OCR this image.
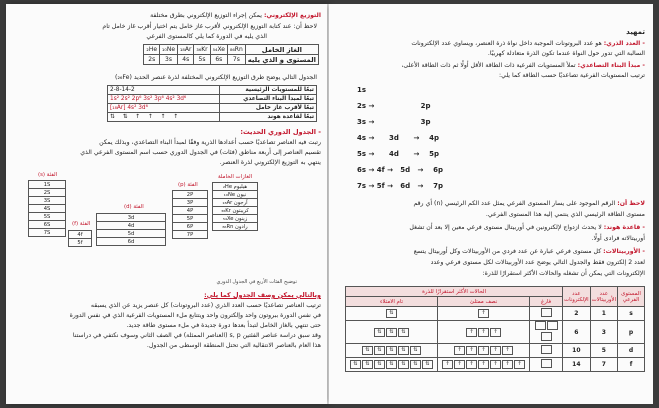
التوزيع الإلكتروني: يمكن إجراء التوزيع الإلكتروني بطرق مختلفة
لاحظ أن: عند كتابة التوزيع الإلكتروني لأقرب غاز خامل يتم اختيار أقرب غاز خامل تام
الذي يليه في الدورة كما يلي كالمستوى الفرعي
الغاز الخامل	₈₆Rn	₅₄Xe	₃₆Kr	₁₈Ar	₁₀Ne	₂He
المستوى و الذي يليه	7s	6s	5s	4s	3s	2s
الجدول التالي يوضح طرق التوزيع الإلكتروني المختلفة لذرة عنصر الحديد (₂₆Fe)
تبعًا للمستويات الرئيسية	2-8-14-2
تبعًا لمبدأ البناء التصاعدي	1s² 2s² 2p⁶ 3s² 3p⁶ 4s² 3d⁶
تبعًا لأقرب غاز خامل	[₁₈Ar] 4s² 3d⁶
تبعًا لقاعدة هوند	⇅ ⇅ ↑ ↑ ↑ ↑
- الجدول الدوري الحديث:
رتبت فيه العناصر تصاعديًا حسب أعدادها الذرية وفقًا لمبدأ البناء التصاعدي، وبذلك يمكن
تقسيم العناصر إلى أربعة مناطق (فئات) في الجدول الدوري حسب اسم المستوى الفرعي الذي
ينتهي به التوزيع الإلكتروني لذرة العنصر.
الفئة (s)
1S
2S
3S
4S
5S
6S
7S
الفئة (d)
3d
4d
5d
6d
الفئة (f)
4f
5f
الفئة (p)
2P
3P
4P
5P
6P
7P
الغازات الخاملة
هيليوم ₂He
نيون ₁₀Ne
آرجون ₁₈Ar
كريبتون ₃₆Kr
زينون ₅₄Xe
رادون ₈₆Rn
توضيح الفئات الأربع في الجدول الدوري
وبالتالي يمكن وصف الجدول كما يلي:
ترتيب العناصر تصاعديًا حسب العدد الذري (عدد البروتونات) كل عنصر يزيد عن الذي يسبقه
في نفس الدورة ببروتون واحد وإلكترون واحد ويتتابع ملء المستويات الفرعية الذي في نفس الدورة
حتى تنتهي بالغاز الخامل لتبدأ بعدها دورة جديدة في ملء مستوى طاقة جديد.
وقد سبق دراسة عناصر الفئتين s, p (العناصر الممثلة) في الصف الثاني وسوف نكتفي في دراستنا
هذا العام بالعناصر الانتقالية التي تحتل المنطقة الوسطى من الجدول.
تمهيد
- العدد الذري: هو عدد البروتونات الموجبة داخل نواة ذرة العنصر، ويساوي عدد الإلكترونات
السالبة التي تدور حول النواة عندما تكون الذرة متعادلة كهربيًا.
- مبدأ البناء التصاعدي: تملأ المستويات الفرعية ذات الطاقة الأقل أولًا ثم ذات الطاقة الأعلى،
ترتيب المستويات الفرعية تصاعديًا حسب الطاقة كما يلي:
1s
2s →                   2p
3s →                   3p
4s →      3d      →    4p
5s →      4d      →    5p
6s → 4f →   5d   →    6p
7s → 5f →   6d   →    7p
لاحظ أن: الرقم الموجود على يسار المستوى الفرعي يمثل عدد الكم الرئيسي (n) أي رقم
مستوى الطاقة الرئيسي الذي ينتمي إليه هذا المستوى الفرعي.
- قاعدة هوند: لا يحدث ازدواج لإلكترونين في أوربيتال مستوى فرعي معين إلا بعد أن تشغل
أوربيتالاته فرادى أولًا.
- الأوربيتالات: كل مستوى فرعي عبارة عن عدد فردي من الأوربيتالات وكل أوربيتال يتسع
لعدد 2 إلكترون فقط والجدول التالي يوضح عدد الأوربيتالات لكل مستوى فرعي وعدد
الإلكترونات التي يمكن أن تشغله والحالات الأكثر استقرارًا للذرة:
المستوى الفرعي	عدد الأوربيتالات	عدد الإلكترونات	الحالات الأكثر استقرارًا للذرة		
			فارغ	نصف ممتلئ	تام الامتلاء
s	1	2		↑	⇅
p	3	6		↑↑↑	⇅⇅⇅
d	5	10		↑↑↑↑↑	⇅⇅⇅⇅⇅
f	7	14		↑↑↑↑↑↑↑	⇅⇅⇅⇅⇅⇅⇅
